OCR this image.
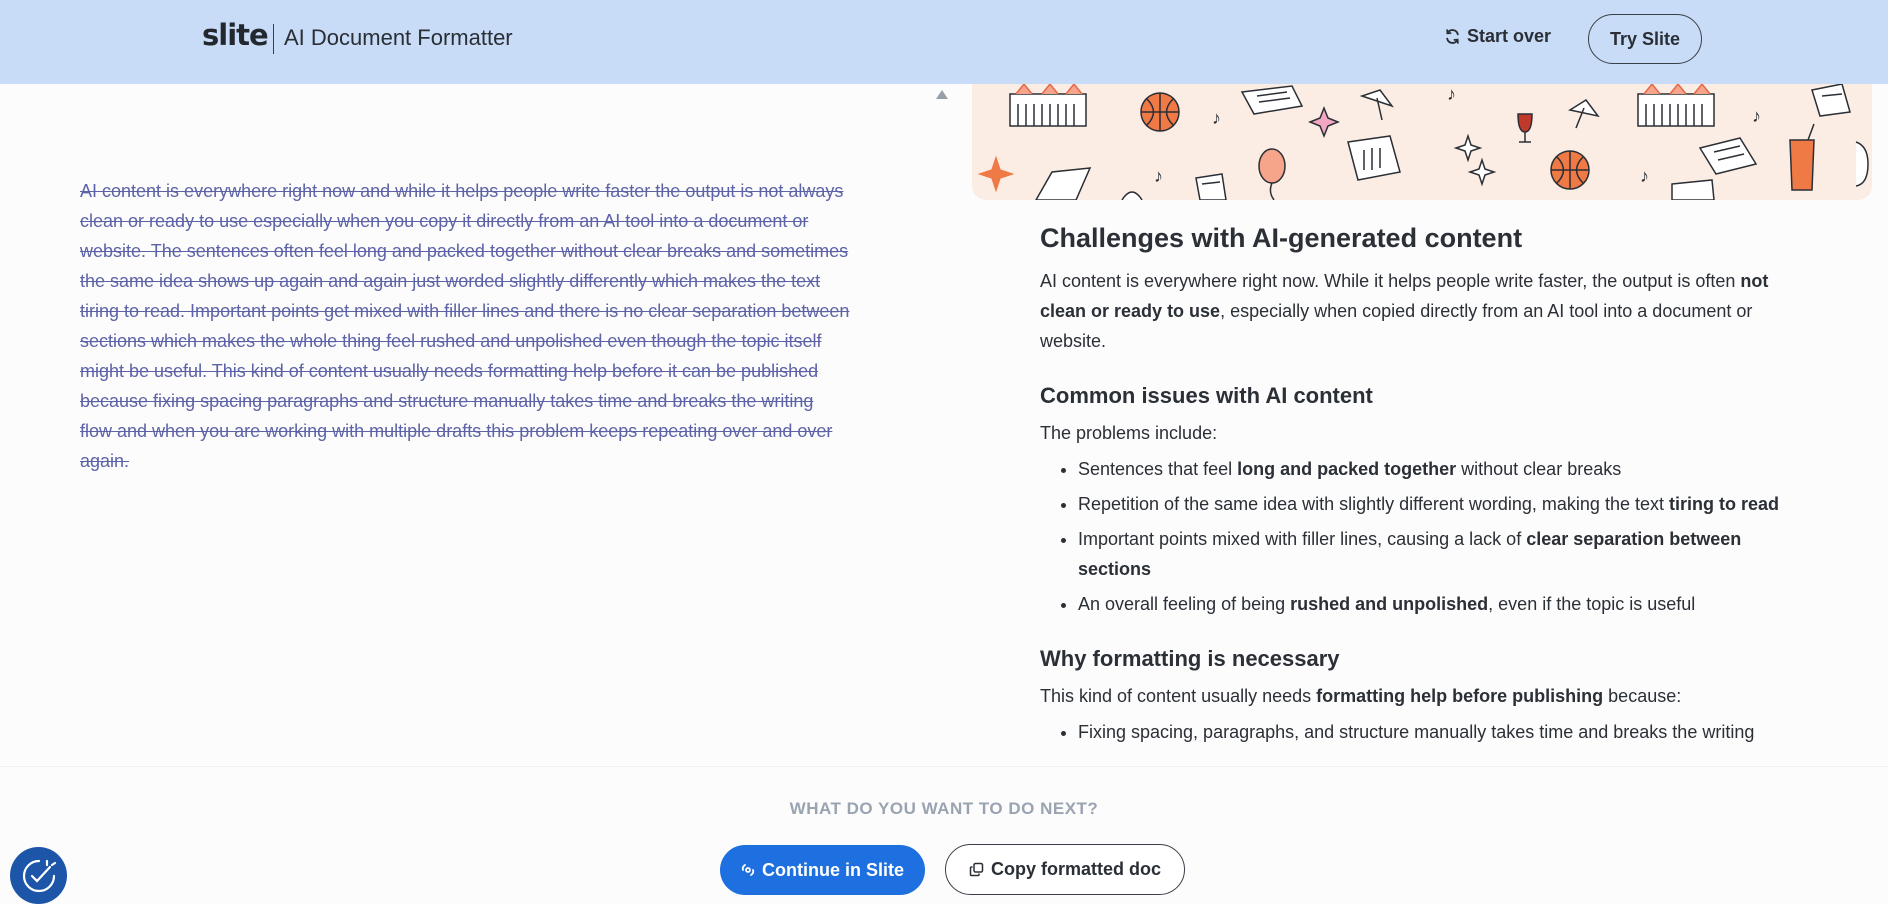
slite AI Document Formatter	Start over	Try Slite

AI content is everywhere right now and while it helps people write faster the output is not always clean or ready to use especially when you copy it directly from an AI tool into a document or website. The sentences often feel long and packed together without clear breaks and sometimes the same idea shows up again and again just worded slightly differently which makes the text tiring to read. Important points get mixed with filler lines and there is no clear separation between sections which makes the whole thing feel rushed and unpolished even though the topic itself might be useful. This kind of content usually needs formatting help before it can be published because fixing spacing paragraphs and structure manually takes time and breaks the writing flow and when you are working with multiple drafts this problem keeps repeating over and over again.

♪
♪
♪
♪	♪
Challenges with AI-generated content

AI content is everywhere right now. While it helps people write faster, the output is often not clean or ready to use, especially when copied directly from an AI tool into a document or website.

Common issues with AI content

The problems include:

• Sentences that feel long and packed together without clear breaks
• Repetition of the same idea with slightly different wording, making the text tiring to read
• Important points mixed with filler lines, causing a lack of clear separation between sections
• An overall feeling of being rushed and unpolished, even if the topic is useful
Why formatting is necessary

This kind of content usually needs formatting help before publishing because:

• Fixing spacing, paragraphs, and structure manually takes time and breaks the writing
WHAT DO YOU WANT TO DO NEXT?
Continue in Slite	Copy formatted doc
